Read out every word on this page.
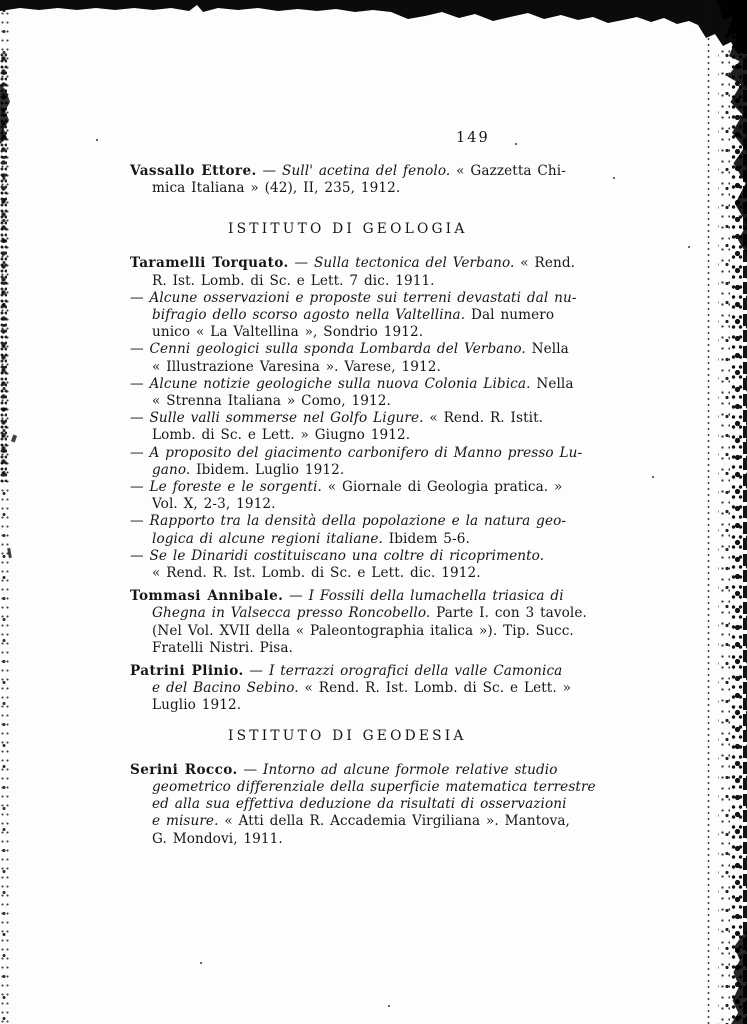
149
Vassallo Ettore. — Sull' acetina del fenolo. « Gazzetta Chi-
mica Italiana » (42), II, 235, 1912.
ISTITUTO DI GEOLOGIA
Taramelli Torquato. — Sulla tectonica del Verbano. « Rend.
R. Ist. Lomb. di Sc. e Lett. 7 dic. 1911.
— Alcune osservazioni e proposte sui terreni devastati dal nu-
bifragio dello scorso agosto nella Valtellina. Dal numero
unico « La Valtellina », Sondrio 1912.
— Cenni geologici sulla sponda Lombarda del Verbano. Nella
« Illustrazione Varesina ». Varese, 1912.
— Alcune notizie geologiche sulla nuova Colonia Libica. Nella
« Strenna Italiana » Como, 1912.
— Sulle valli sommerse nel Golfo Ligure. « Rend. R. Istit.
Lomb. di Sc. e Lett. » Giugno 1912.
— A proposito del giacimento carbonifero di Manno presso Lu-
gano. Ibidem. Luglio 1912.
— Le foreste e le sorgenti. « Giornale di Geologia pratica. »
Vol. X, 2-3, 1912.
— Rapporto tra la densità della popolazione e la natura geo-
logica di alcune regioni italiane. Ibidem 5-6.
— Se le Dinaridi costituiscano una coltre di ricoprimento.
« Rend. R. Ist. Lomb. di Sc. e Lett. dic. 1912.
Tommasi Annibale. — I Fossili della lumachella triasica di
Ghegna in Valsecca presso Roncobello. Parte I. con 3 tavole.
(Nel Vol. XVII della « Paleontographia italica »). Tip. Succ.
Fratelli Nistri. Pisa.
Patrini Plinio. — I terrazzi orografici della valle Camonica
e del Bacino Sebino. « Rend. R. Ist. Lomb. di Sc. e Lett. »
Luglio 1912.
ISTITUTO DI GEODESIA
Serini Rocco. — Intorno ad alcune formole relative studio
geometrico differenziale della superficie matematica terrestre
ed alla sua effettiva deduzione da risultati di osservazioni
e misure. « Atti della R. Accademia Virgiliana ». Mantova,
G. Mondovi, 1911.
